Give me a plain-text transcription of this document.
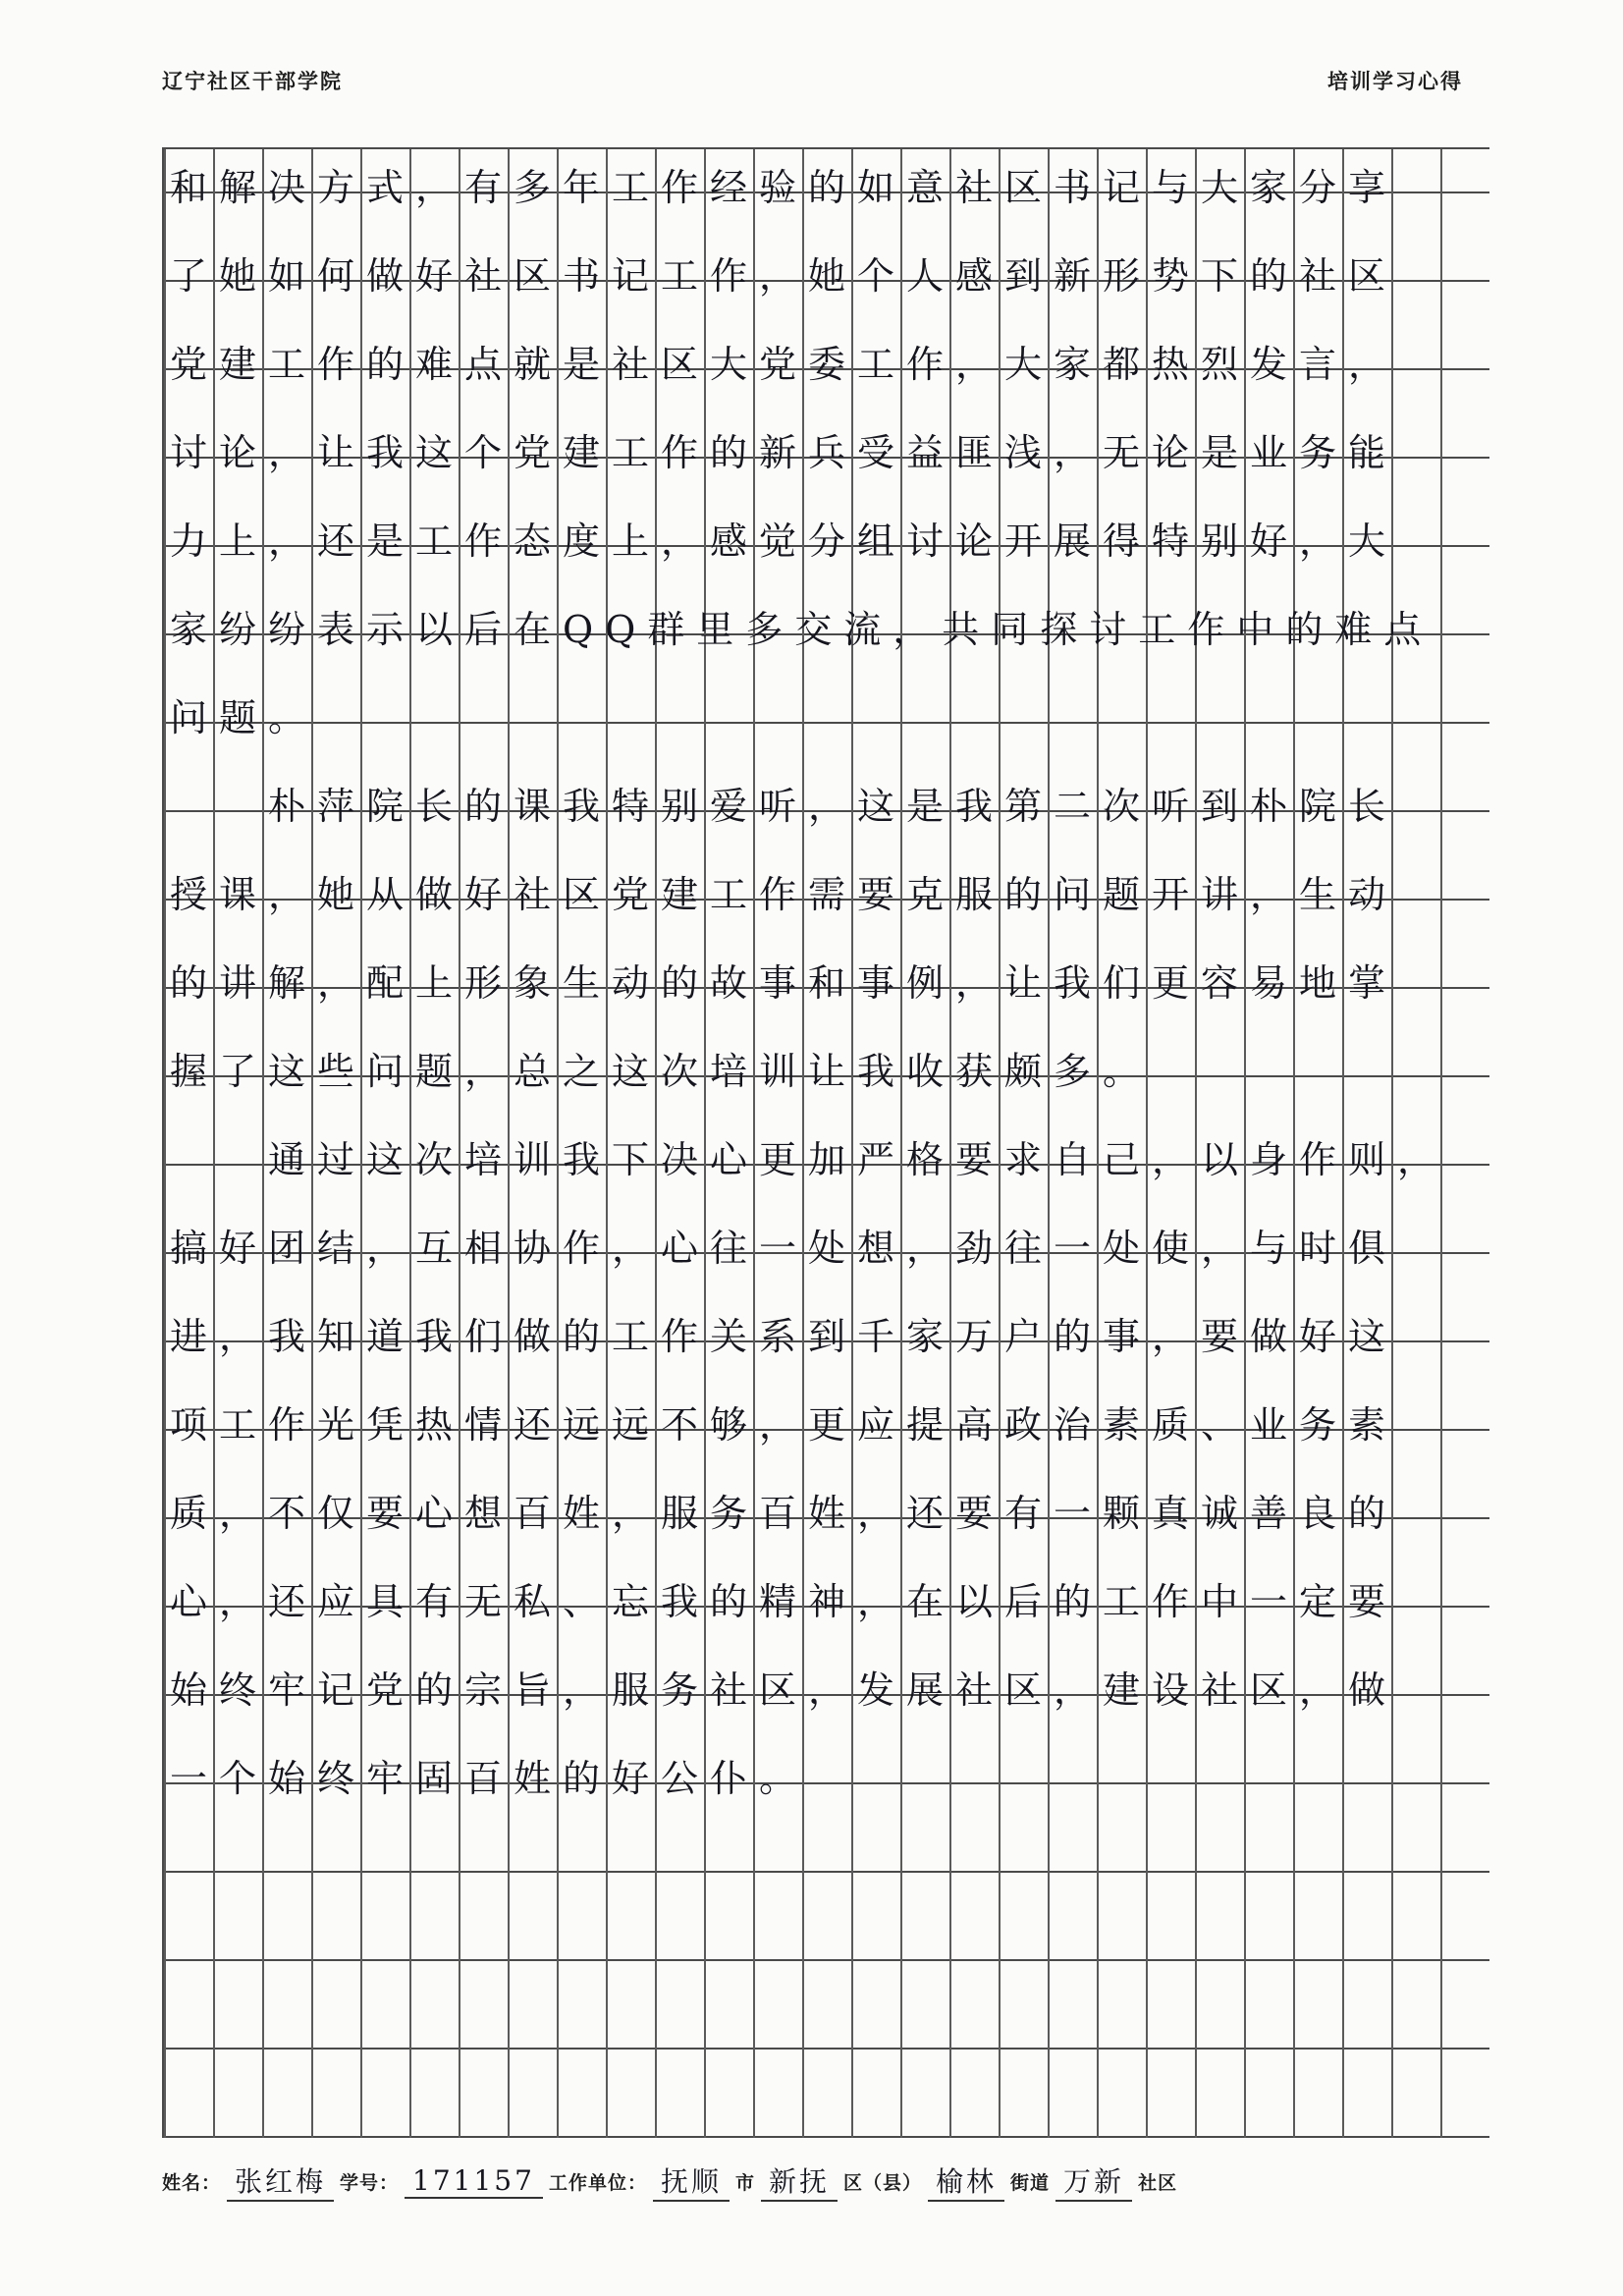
辽宁社区干部学院	培训学习心得
和解决方式，有多年工作经验的如意社区书记与大家分享
了她如何做好社区书记工作，她个人感到新形势下的社区
党建工作的难点就是社区大党委工作，大家都热烈发言，
讨论，让我这个党建工作的新兵受益匪浅，无论是业务能
力上，还是工作态度上，感觉分组讨论开展得特别好，大
家纷纷表示以后在QQ群里多交流，共同探讨工作中的难点
问题。
朴萍院长的课我特别爱听，这是我第二次听到朴院长
授课，她从做好社区党建工作需要克服的问题开讲，生动
的讲解，配上形象生动的故事和事例，让我们更容易地掌
握了这些问题，总之这次培训让我收获颇多。
通过这次培训我下决心更加严格要求自己，以身作则，
搞好团结，互相协作，心往一处想，劲往一处使，与时俱
进，我知道我们做的工作关系到千家万户的事，要做好这
项工作光凭热情还远远不够，更应提高政治素质、业务素
质，不仅要心想百姓，服务百姓，还要有一颗真诚善良的
心，还应具有无私、忘我的精神，在以后的工作中一定要
始终牢记党的宗旨，服务社区，发展社区，建设社区，做
一个始终牢固百姓的好公仆。
姓名： 张红梅 学号： 171157 工作单位： 抚顺 市 新抚 区（县） 榆林 街道 万新 社区
